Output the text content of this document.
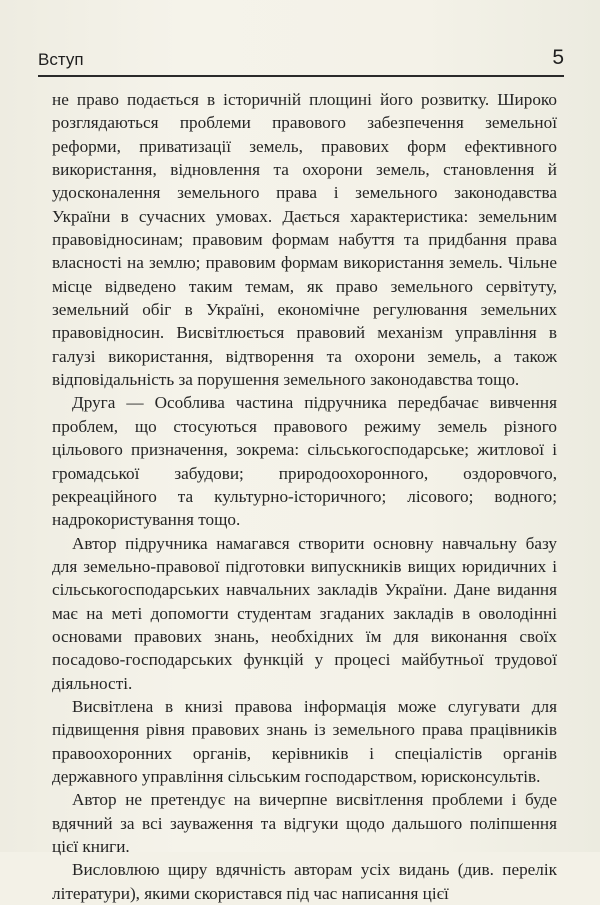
Вступ	5

не право подається в історичній площині його розвитку. Широко розглядаються проблеми правового забезпечення земельної реформи, приватизації земель, правових форм ефективного використання, відновлення та охорони земель, становлення й удосконалення земельного права і земельного законодавства України в сучасних умовах. Дається характеристика: земельним правовідносинам; правовим формам набуття та придбання права власності на землю; правовим формам використання земель. Чільне місце відведено таким темам, як право земельного сервітуту, земельний обіг в Україні, економічне регулювання земельних правовідносин. Висвітлюється правовий механізм управління в галузі використання, відтворення та охорони земель, а також відповідальність за порушення земельного законодавства тощо.

Друга — Особлива частина підручника передбачає вивчення проблем, що стосуються правового режиму земель різного цільового призначення, зокрема: сільськогосподарське; житлової і громадської забудови; природоохоронного, оздоровчого, рекреаційного та культурно-історичного; лісового; водного; надрокористування тощо.

Автор підручника намагався створити основну навчальну базу для земельно-правової підготовки випускників вищих юридичних і сільськогосподарських навчальних закладів України. Дане видання має на меті допомогти студентам згаданих закладів в оволодінні основами правових знань, необхідних їм для виконання своїх посадово-господарських функцій у процесі майбутньої трудової діяльності.

Висвітлена в книзі правова інформація може слугувати для підвищення рівня правових знань із земельного права працівників правоохоронних органів, керівників і спеціалістів органів державного управління сільським господарством, юрисконсультів.

Автор не претендує на вичерпне висвітлення проблеми і буде вдячний за всі зауваження та відгуки щодо дальшого поліпшення цієї книги.

Висловлюю щиру вдячність авторам усіх видань (див. перелік літератури), якими скористався під час написання цієї
